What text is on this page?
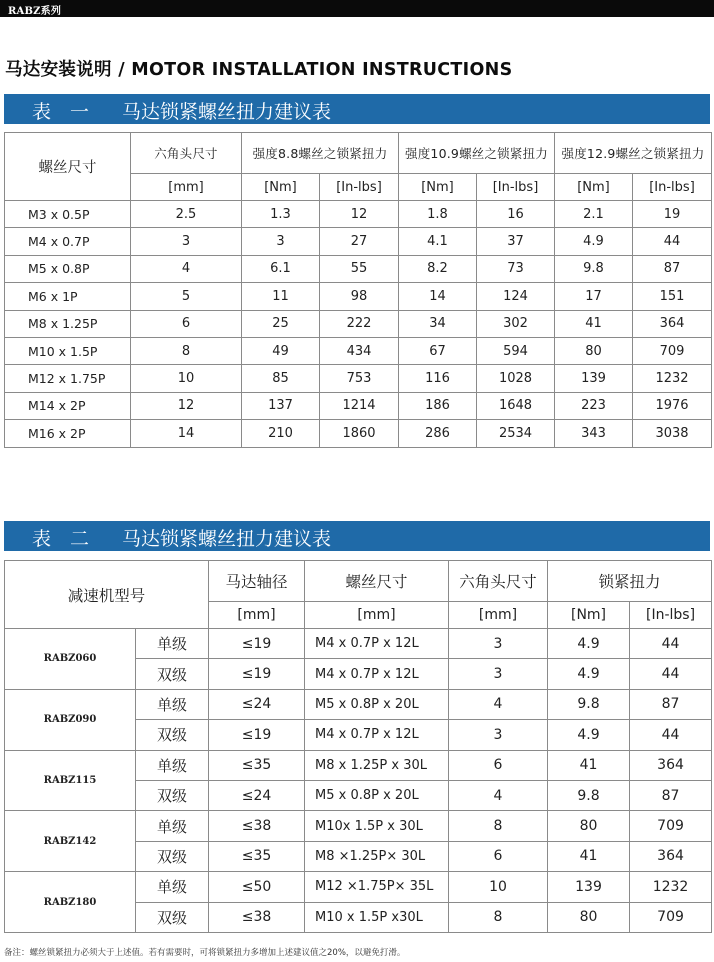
RABZ系列
马达安装说明 / MOTOR INSTALLATION INSTRUCTIONS
表　一 马达锁紧螺丝扭力建议表
螺丝尺寸	六角头尺寸	强度8.8螺丝之锁紧扭力		强度10.9螺丝之锁紧扭力		强度12.9螺丝之锁紧扭力	
	[mm]	[Nm]	[In-lbs]	[Nm]	[In-lbs]	[Nm]	[In-lbs]
M3 x 0.5P	2.5	1.3	12	1.8	16	2.1	19
M4 x 0.7P	3	3	27	4.1	37	4.9	44
M5 x 0.8P	4	6.1	55	8.2	73	9.8	87
M6 x 1P	5	11	98	14	124	17	151
M8 x 1.25P	6	25	222	34	302	41	364
M10 x 1.5P	8	49	434	67	594	80	709
M12 x 1.75P	10	85	753	116	1028	139	1232
M14 x 2P	12	137	1214	186	1648	223	1976
M16 x 2P	14	210	1860	286	2534	343	3038
表　二 马达锁紧螺丝扭力建议表
减速机型号		马达轴径	螺丝尺寸	六角头尺寸	锁紧扭力	
		[mm]	[mm]	[mm]	[Nm]	[In-lbs]
RABZ060	单级	≤19	M4 x 0.7P x 12L	3	4.9	44
	双级	≤19	M4 x 0.7P x 12L	3	4.9	44
RABZ090	单级	≤24	M5 x 0.8P x 20L	4	9.8	87
	双级	≤19	M4 x 0.7P x 12L	3	4.9	44
RABZ115	单级	≤35	M8 x 1.25P x 30L	6	41	364
	双级	≤24	M5 x 0.8P x 20L	4	9.8	87
RABZ142	单级	≤38	M10x 1.5P x 30L	8	80	709
	双级	≤35	M8 ×1.25P× 30L	6	41	364
RABZ180	单级	≤50	M12 ×1.75P× 35L	10	139	1232
	双级	≤38	M10 x 1.5P x30L	8	80	709
备注：螺丝锁紧扭力必须大于上述值。若有需要时，可将锁紧扭力多增加上述建议值之20%，以避免打滑。
